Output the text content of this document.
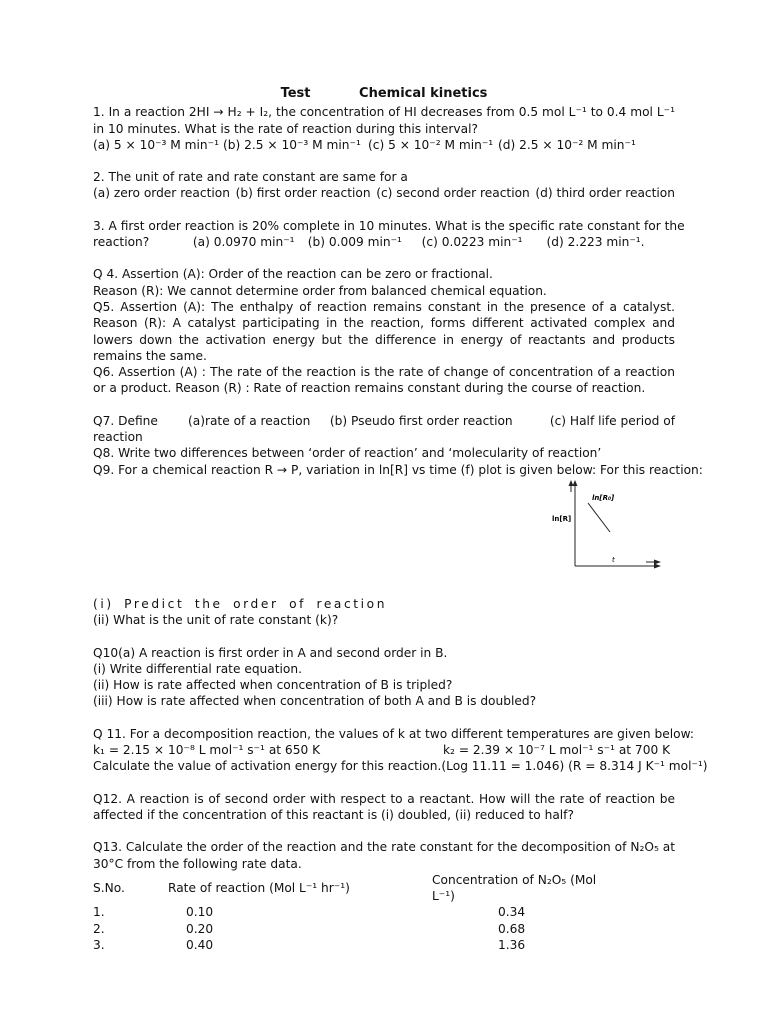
Test	Chemical kinetics
1. In a reaction 2HI → H₂ + I₂, the concentration of HI decreases from 0.5 mol L⁻¹ to 0.4 mol L⁻¹ in 10 minutes. What is the rate of reaction during this interval?
(a) 5 × 10⁻³ M min⁻¹ (b) 2.5 × 10⁻³ M min⁻¹ (c) 5 × 10⁻² M min⁻¹ (d) 2.5 × 10⁻² M min⁻¹
2. The unit of rate and rate constant are same for a
(a) zero order reaction (b) first order reaction (c) second order reaction (d) third order reaction
3. A first order reaction is 20% complete in 10 minutes. What is the specific rate constant for the
reaction?	(a) 0.0970 min⁻¹ (b) 0.009 min⁻¹ (c) 0.0223 min⁻¹ (d) 2.223 min⁻¹.
Q 4. Assertion (A): Order of the reaction can be zero or fractional.
Reason (R): We cannot determine order from balanced chemical equation.
Q5. Assertion (A): The enthalpy of reaction remains constant in the presence of a catalyst. Reason (R): A catalyst participating in the reaction, forms different activated complex and lowers down the activation energy but the difference in energy of reactants and products remains the same.
Q6. Assertion (A) : The rate of the reaction is the rate of change of concentration of a reaction or a product. Reason (R) : Rate of reaction remains constant during the course of reaction.
Q7. Define	(a)rate of a reaction	(b) Pseudo first order reaction	(c) Half life period of
reaction
Q8. Write two differences between ‘order of reaction’ and ‘molecularity of reaction’
Q9. For a chemical reaction R → P, variation in ln[R] vs time (f) plot is given below: For this reaction:
ln[R]
ln[R₀]
t
(i) Predict the order of reaction
(ii) What is the unit of rate constant (k)?
Q10(a) A reaction is first order in A and second order in B.
(i) Write differential rate equation.
(ii) How is rate affected when concentration of B is tripled?
(iii) How is rate affected when concentration of both A and B is doubled?
Q 11. For a decomposition reaction, the values of k at two different temperatures are given below:
k₁ = 2.15 × 10⁻⁸ L mol⁻¹ s⁻¹ at 650 K	k₂ = 2.39 × 10⁻⁷ L mol⁻¹ s⁻¹ at 700 K
Calculate the value of activation energy for this reaction. (Log 11.11 = 1.046) (R = 8.314 J K⁻¹ mol⁻¹)
Q12. A reaction is of second order with respect to a reactant. How will the rate of reaction be affected if the concentration of this reactant is (i) doubled, (ii) reduced to half?
Q13. Calculate the order of the reaction and the rate constant for the decomposition of N₂O₅ at 30°C from the following rate data.
S.No.	Rate of reaction (Mol L⁻¹ hr⁻¹)	Concentration of N₂O₅ (Mol L⁻¹)
1.	0.10	0.34
2.	0.20	0.68
3.	0.40	1.36
